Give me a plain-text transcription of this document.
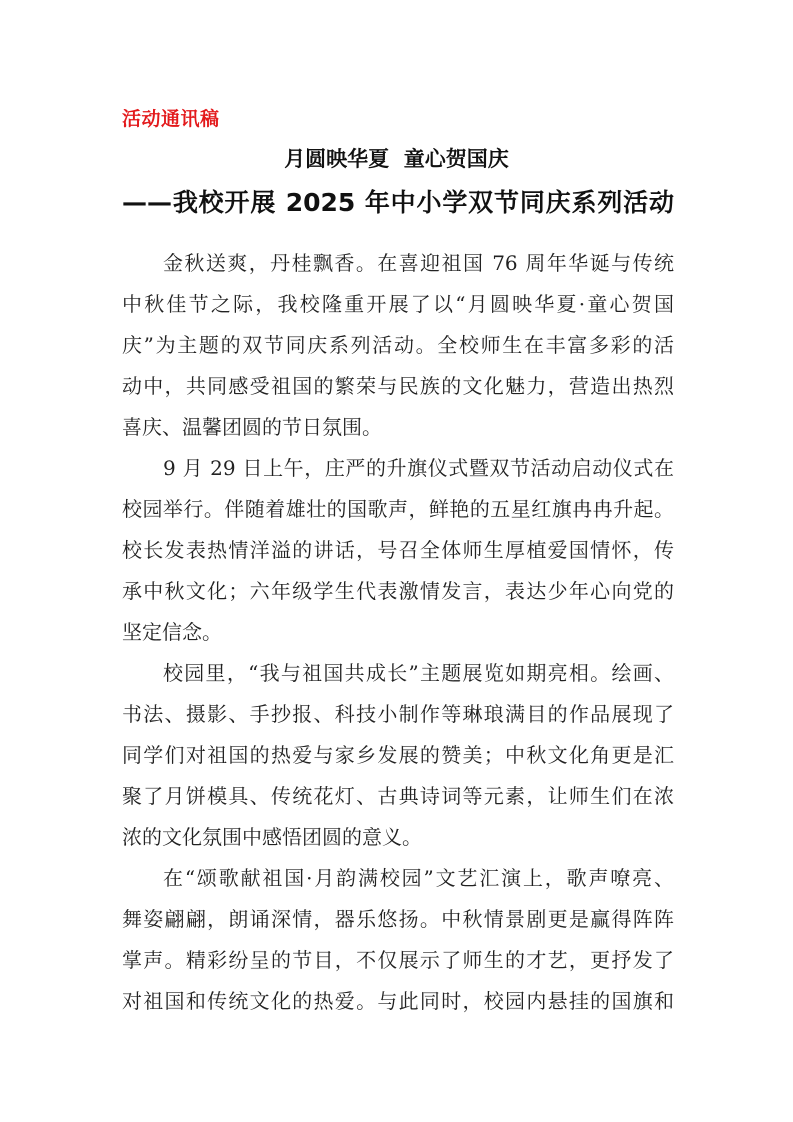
活动通讯稿
月圆映华夏  童心贺国庆
——我校开展 2025 年中小学双节同庆系列活动
金秋送爽，丹桂飘香。在喜迎祖国 76 周年华诞与传统
中秋佳节之际，我校隆重开展了以“月圆映华夏·童心贺国
庆”为主题的双节同庆系列活动。全校师生在丰富多彩的活
动中，共同感受祖国的繁荣与民族的文化魅力，营造出热烈
喜庆、温馨团圆的节日氛围。
9 月 29 日上午，庄严的升旗仪式暨双节活动启动仪式在
校园举行。伴随着雄壮的国歌声，鲜艳的五星红旗冉冉升起。
校长发表热情洋溢的讲话，号召全体师生厚植爱国情怀，传
承中秋文化；六年级学生代表激情发言，表达少年心向党的
坚定信念。
校园里，“我与祖国共成长”主题展览如期亮相。绘画、
书法、摄影、手抄报、科技小制作等琳琅满目的作品展现了
同学们对祖国的热爱与家乡发展的赞美；中秋文化角更是汇
聚了月饼模具、传统花灯、古典诗词等元素，让师生们在浓
浓的文化氛围中感悟团圆的意义。
在“颂歌献祖国·月韵满校园”文艺汇演上，歌声嘹亮、
舞姿翩翩，朗诵深情，器乐悠扬。中秋情景剧更是赢得阵阵
掌声。精彩纷呈的节目，不仅展示了师生的才艺，更抒发了
对祖国和传统文化的热爱。与此同时，校园内悬挂的国旗和
